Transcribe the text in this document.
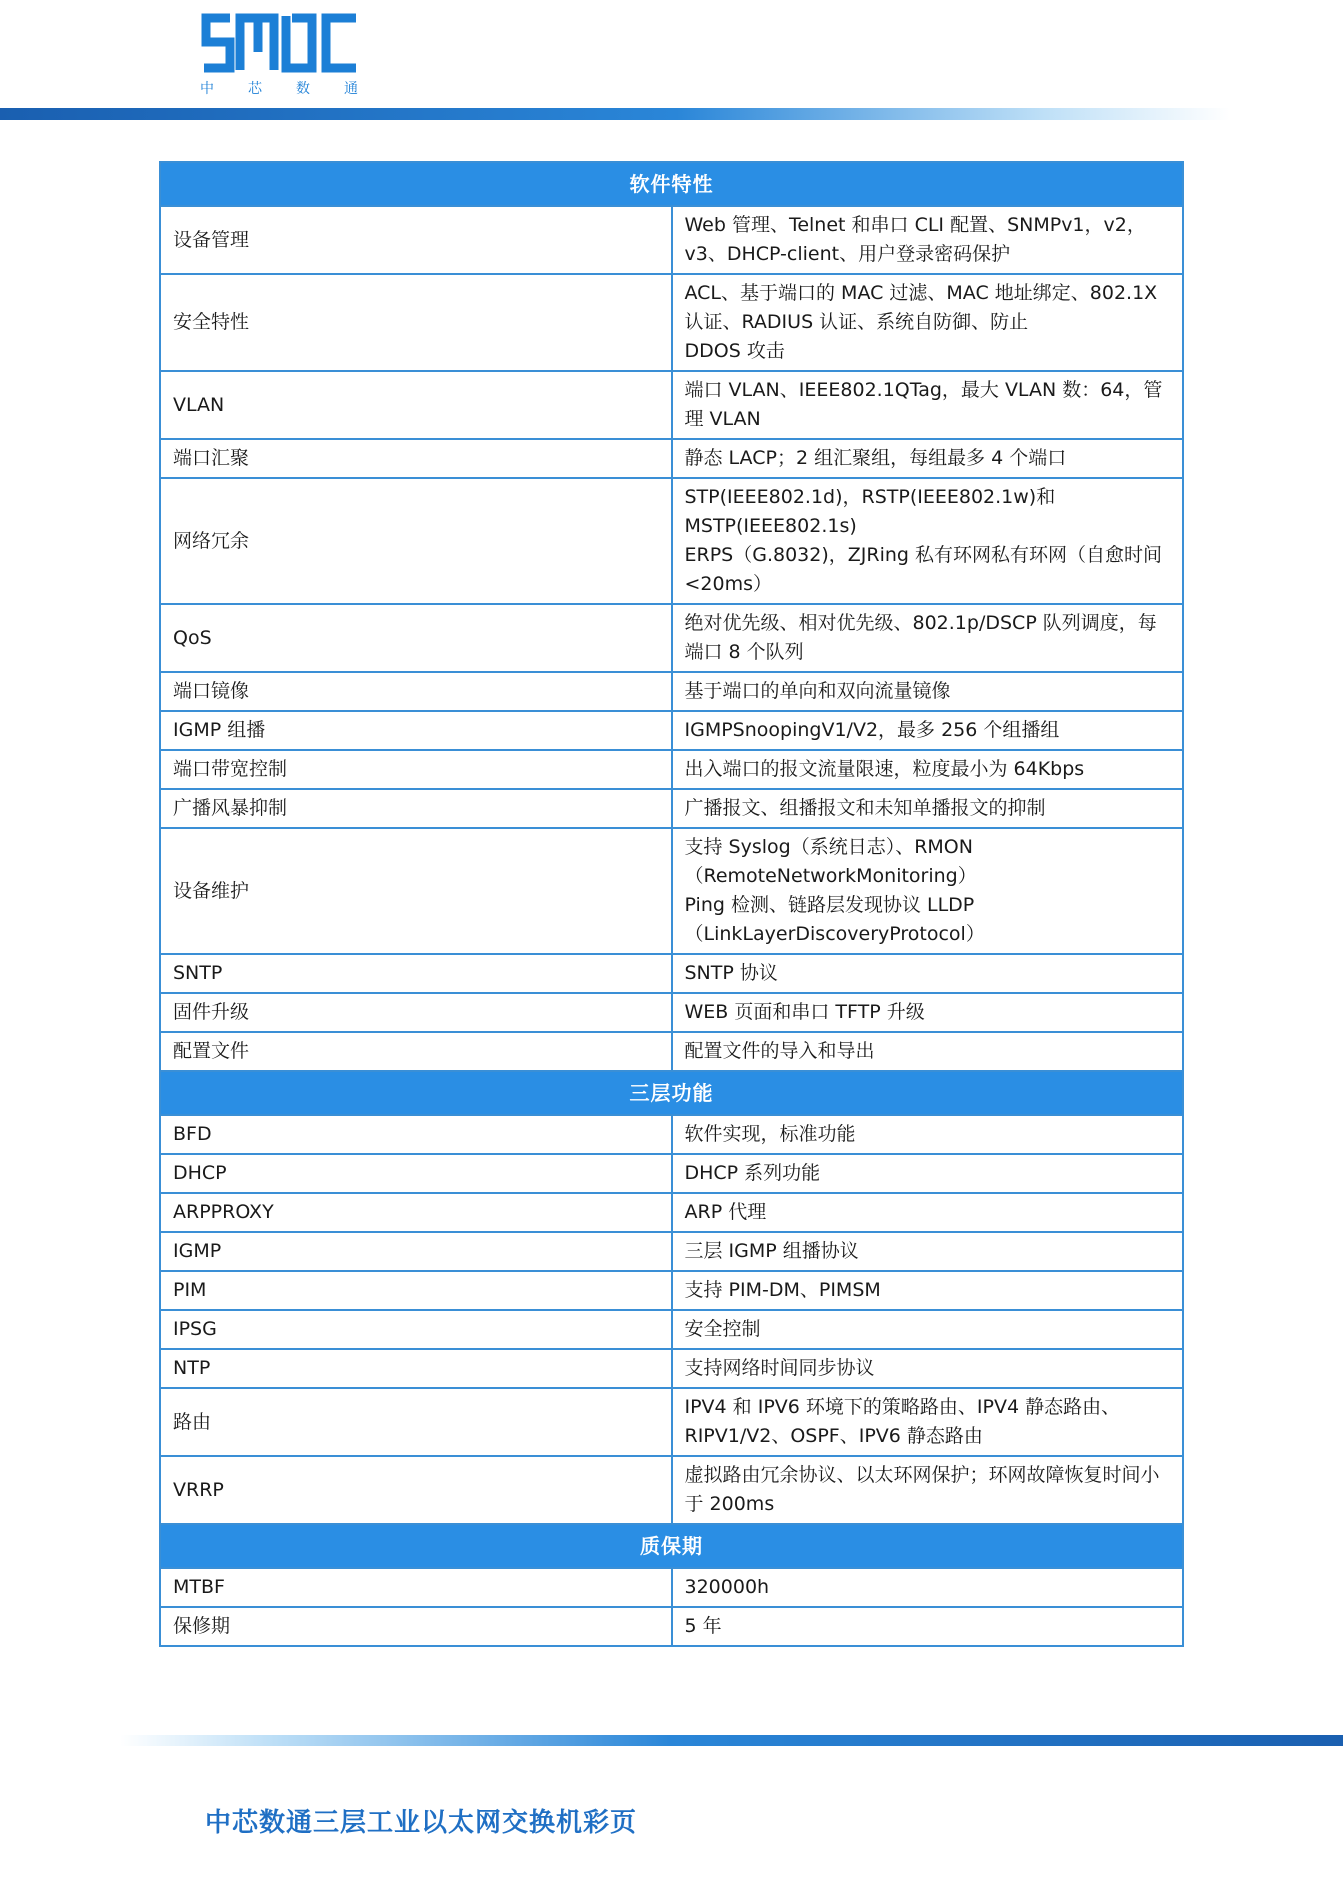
中 芯 数 通
软件特性	
设备管理	Web 管理、Telnet 和串口 CLI 配置、SNMPv1，v2，v3、DHCP-client、用户登录密码保护

安全特性	ACL、基于端口的 MAC 过滤、MAC 地址绑定、802.1X 认证、RADIUS 认证、系统自防御、防止
DDOS 攻击

VLAN	端口 VLAN、IEEE802.1QTag，最大 VLAN 数：64，管理 VLAN

端口汇聚	静态 LACP；2 组汇聚组，每组最多 4 个端口

网络冗余	STP(IEEE802.1d)，RSTP(IEEE802.1w)和 MSTP(IEEE802.1s)
ERPS（G.8032)，ZJRing 私有环网私有环网（自愈时间<20ms）

QoS	绝对优先级、相对优先级、802.1p/DSCP 队列调度，每端口 8 个队列

端口镜像	基于端口的单向和双向流量镜像

IGMP 组播	IGMPSnoopingV1/V2，最多 256 个组播组

端口带宽控制	出入端口的报文流量限速，粒度最小为 64Kbps

广播风暴抑制	广播报文、组播报文和未知单播报文的抑制

设备维护	支持 Syslog（系统日志）、RMON（RemoteNetworkMonitoring）
Ping 检测、链路层发现协议 LLDP（LinkLayerDiscoveryProtocol）

SNTP	SNTP 协议

固件升级	WEB 页面和串口 TFTP 升级

配置文件	配置文件的导入和导出

三层功能	
BFD	软件实现，标准功能

DHCP	DHCP 系列功能

ARPPROXY	ARP 代理

IGMP	三层 IGMP 组播协议

PIM	支持 PIM-DM、PIMSM

IPSG	安全控制

NTP	支持网络时间同步协议

路由	IPV4 和 IPV6 环境下的策略路由、IPV4 静态路由、RIPV1/V2、OSPF、IPV6 静态路由

VRRP	虚拟路由冗余协议、以太环网保护；环网故障恢复时间小于 200ms

质保期	
MTBF	320000h

保修期	5 年
中芯数通三层工业以太网交换机彩页
